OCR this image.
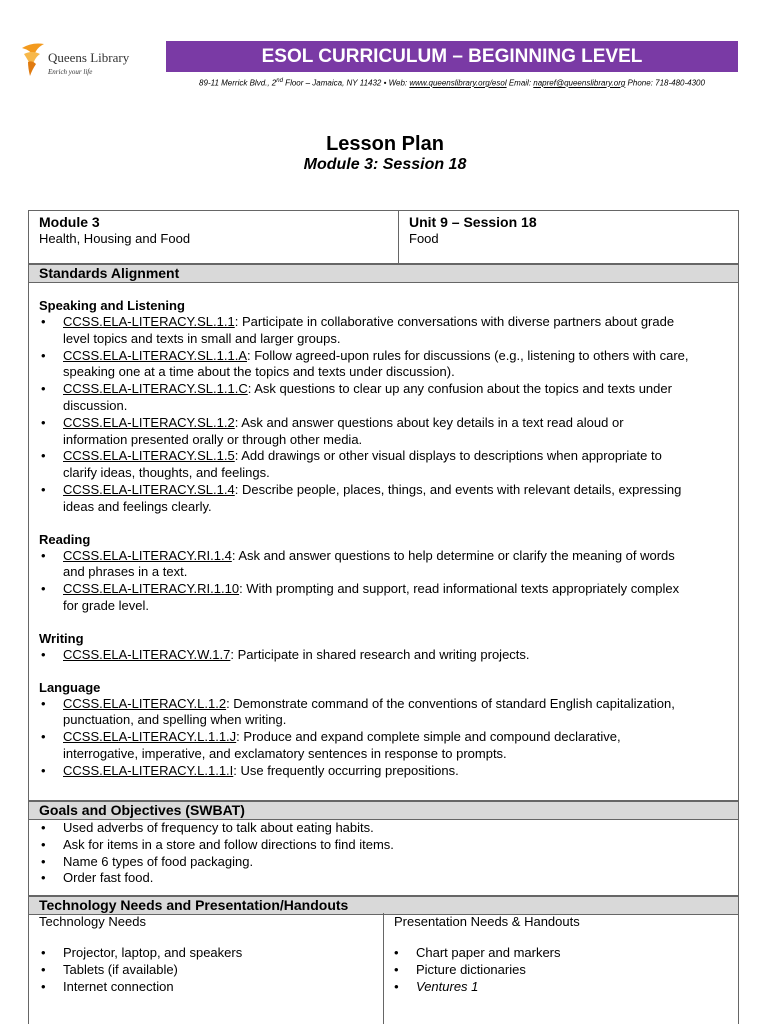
Queens Library
Enrich your life
ESOL CURRICULUM – BEGINNING LEVEL
89-11 Merrick Blvd., 2nd Floor – Jamaica, NY 11432 • Web: www.queenslibrary.org/esol Email: napref@queenslibrary.org Phone: 718-480-4300
Lesson Plan
Module 3: Session 18
Module 3
Health, Housing and Food
Unit 9 – Session 18
Food
Standards Alignment
Speaking and Listening
• CCSS.ELA-LITERACY.SL.1.1: Participate in collaborative conversations with diverse partners about grade
level topics and texts in small and larger groups.
• CCSS.ELA-LITERACY.SL.1.1.A: Follow agreed-upon rules for discussions (e.g., listening to others with care,
speaking one at a time about the topics and texts under discussion).
• CCSS.ELA-LITERACY.SL.1.1.C: Ask questions to clear up any confusion about the topics and texts under
discussion.
• CCSS.ELA-LITERACY.SL.1.2: Ask and answer questions about key details in a text read aloud or
information presented orally or through other media.
• CCSS.ELA-LITERACY.SL.1.5: Add drawings or other visual displays to descriptions when appropriate to
clarify ideas, thoughts, and feelings.
• CCSS.ELA-LITERACY.SL.1.4: Describe people, places, things, and events with relevant details, expressing
ideas and feelings clearly.
Reading
• CCSS.ELA-LITERACY.RI.1.4: Ask and answer questions to help determine or clarify the meaning of words
and phrases in a text.
• CCSS.ELA-LITERACY.RI.1.10: With prompting and support, read informational texts appropriately complex
for grade level.
Writing
• CCSS.ELA-LITERACY.W.1.7: Participate in shared research and writing projects.
Language
• CCSS.ELA-LITERACY.L.1.2: Demonstrate command of the conventions of standard English capitalization,
punctuation, and spelling when writing.
• CCSS.ELA-LITERACY.L.1.1.J: Produce and expand complete simple and compound declarative,
interrogative, imperative, and exclamatory sentences in response to prompts.
• CCSS.ELA-LITERACY.L.1.1.I: Use frequently occurring prepositions.
Goals and Objectives (SWBAT)
• Used adverbs of frequency to talk about eating habits.
• Ask for items in a store and follow directions to find items.
• Name 6 types of food packaging.
• Order fast food.
Technology Needs and Presentation/Handouts
Technology Needs
• Projector, laptop, and speakers
• Tablets (if available)
• Internet connection
Presentation Needs & Handouts
• Chart paper and markers
• Picture dictionaries
• Ventures 1
